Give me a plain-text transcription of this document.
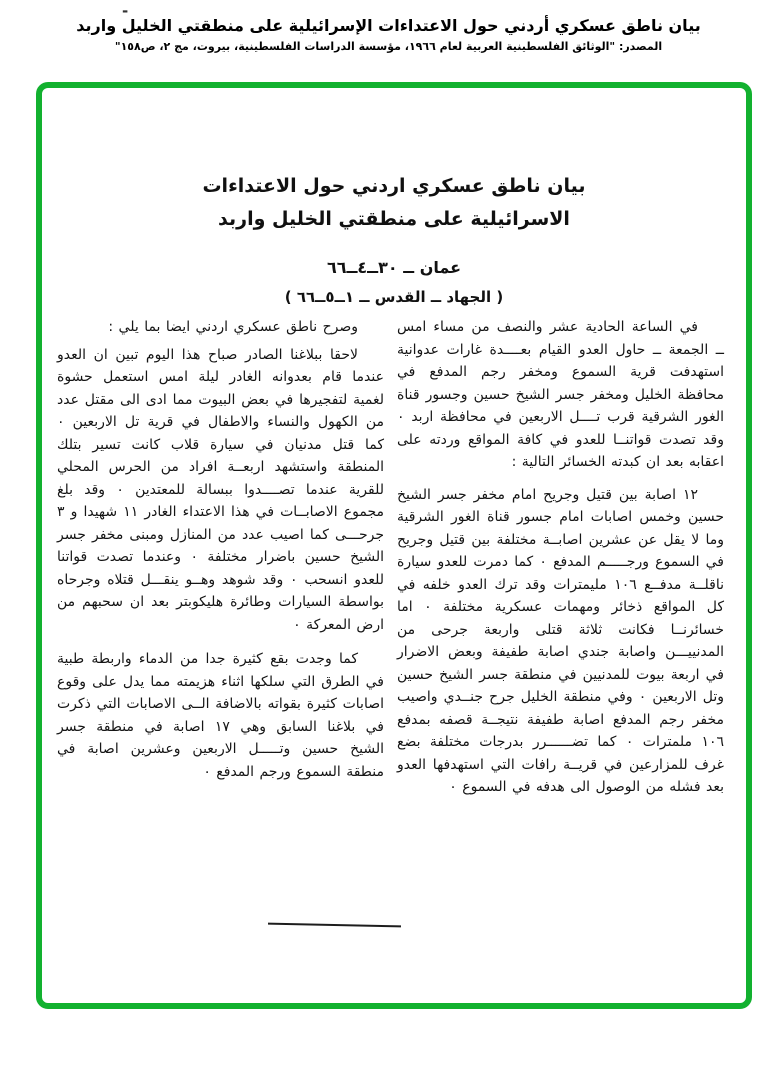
-
بيان ناطق عسكري أردني حول الاعتداءات الإسرائيلية على منطقتي الخليل واربد
المصدر: "الوثائق الفلسطينية العربية لعام ١٩٦٦، مؤسسة الدراسات الفلسطينية، بيروت، مج ٢، ص١٥٨"
بيان ناطق عسكري اردني حول الاعتداءات
الاسرائيلية على منطقتي الخليل واربد
عمان ــ ٣٠ــ٤ــ٦٦
( الجهاد ــ القدس ــ ١ــ٥ــ٦٦ )

في الساعة الحادية عشر والنصف من مساء امس ــ الجمعة ــ حاول العدو القيام بعــــدة غارات عدوانية استهدفت قرية السموع ومخفر رجم المدفع في محافظة الخليل ومخفر جسر الشيخ حسين وجسور قناة الغور الشرقية قرب تــــل الاربعين في محافظة اربد ٠ وقد تصدت قواتنــا للعدو في كافة المواقع وردته على اعقابه بعد ان كبدته الخسائر التالية :

١٢ اصابة بين قتيل وجريح امام مخفر جسر الشيخ حسين وخمس اصابات امام جسور قناة الغور الشرقية وما لا يقل عن عشرين اصابــة مختلفة بين قتيل وجريح في السموع ورجـــــم المدفع ٠ كما دمرت للعدو سيارة ناقلــة مدفــع ١٠٦ مليمترات وقد ترك العدو خلفه في كل المواقع ذخائر ومهمات عسكرية مختلفة ٠ اما خسائرنــا فكانت ثلاثة قتلى واربعة جرحى من المدنييـــن واصابة جندي اصابة طفيفة وبعض الاضرار في اربعة بيوت للمدنيين في منطقة جسر الشيخ حسين وتل الاربعين ٠ وفي منطقة الخليل جرح جنــدي واصيب مخفر رجم المدفع اصابة طفيفة نتيجــة قصفه بمدفع ١٠٦ ملمترات ٠ كما تضــــــرر بدرجات مختلفة بضع غرف للمزارعين في قريــة رافات التي استهدفها العدو بعد فشله من الوصول الى هدفه في السموع ٠

وصرح ناطق عسكري اردني ايضا بما يلي :

لاحقا ببلاغنا الصادر صباح هذا اليوم تبين ان العدو عندما قام بعدوانه الغادر ليلة امس استعمل حشوة لغمية لتفجيرها في بعض البيوت مما ادى الى مقتل عدد من الكهول والنساء والاطفال في قرية تل الاربعين ٠ كما قتل مدنيان في سيارة قلاب كانت تسير بتلك المنطقة واستشهد اربعــة افراد من الحرس المحلي للقرية عندما تصــــدوا ببسالة للمعتدين ٠ وقد بلغ مجموع الاصابــات في هذا الاعتداء الغادر ١١ شهيدا و ٣ جرحـــى كما اصيب عدد من المنازل ومبنى مخفر جسر الشيخ حسين باضرار مختلفة ٠ وعندما تصدت قواتنا للعدو انسحب ٠ وقد شوهد وهــو ينقـــل قتلاه وجرحاه بواسطة السيارات وطائرة هليكوبتر بعد ان سحبهم من ارض المعركة ٠

كما وجدت بقع كثيرة جدا من الدماء واربطة طبية في الطرق التي سلكها اثناء هزيمته مما يدل على وقوع اصابات كثيرة بقواته بالاضافة الــى الاصابات التي ذكرت في بلاغنا السابق وهي ١٧ اصابة في منطقة جسر الشيخ حسين وتـــــل الاربعين وعشرين اصابة في منطقة السموع ورجم المدفع ٠
